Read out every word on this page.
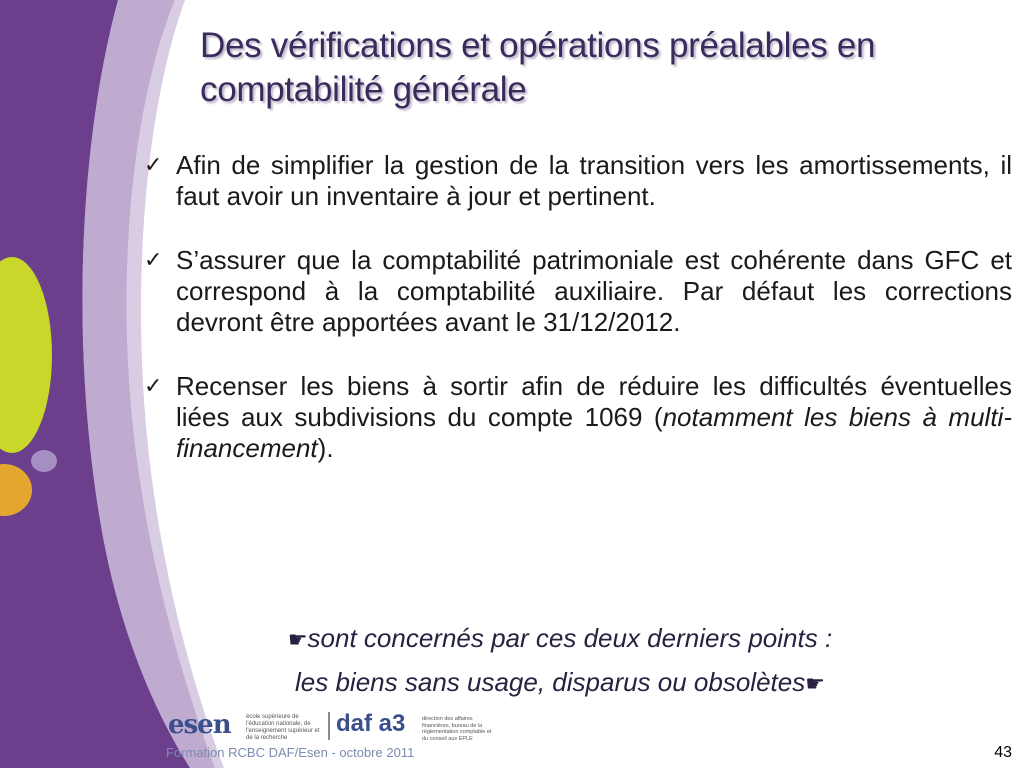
Des vérifications et opérations préalables en comptabilité générale
✓ Afin de simplifier la gestion de la transition vers les amortissements, il faut avoir un inventaire à jour et pertinent.
✓ S’assurer que la comptabilité patrimoniale est cohérente dans GFC et correspond à la comptabilité auxiliaire. Par défaut les corrections devront être apportées avant le 31/12/2012.
✓ Recenser les biens à sortir afin de réduire les difficultés éventuelles liées aux subdivisions du compte 1069 (notamment les biens à multi-financement).
☛sont concernés par ces deux derniers points :
les biens sans usage, disparus ou obsolètes☛
esen	école supérieure de l'éducation nationale, de l'enseignement supérieur et de la recherche
daf a3	direction des affaires financières, bureau de la réglementation comptable et du conseil aux EPLE
Formation RCBC DAF/Esen - octobre 2011	43
